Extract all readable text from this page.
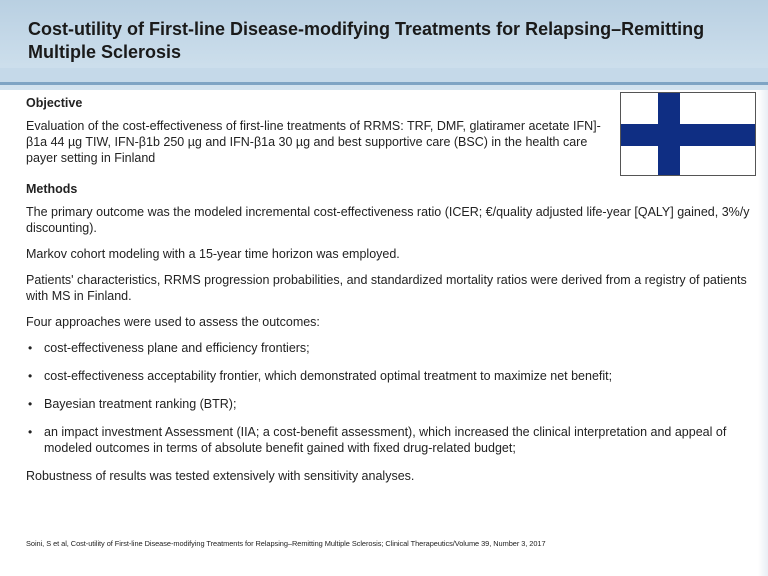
Cost-utility of First-line Disease-modifying Treatments for Relapsing–Remitting Multiple Sclerosis
Objective

Evaluation of the cost-effectiveness of first-line treatments of RRMS: TRF, DMF, glatiramer acetate IFN]-β1a 44 µg TIW, IFN-β1b 250 µg and IFN-β1a 30 µg and best supportive care (BSC) in the health care payer setting in Finland

Methods

The primary outcome was the modeled incremental cost-effectiveness ratio (ICER; €/quality adjusted life-year [QALY] gained, 3%/y discounting).

Markov cohort modeling with a 15-year time horizon was employed.

Patients' characteristics, RRMS progression probabilities, and standardized mortality ratios were derived from a registry of patients with MS in Finland.

Four approaches were used to assess the outcomes:

• cost-effectiveness plane and efficiency frontiers;
• cost-effectiveness acceptability frontier, which demonstrated optimal treatment to maximize net benefit;
• Bayesian treatment ranking (BTR);
• an impact investment Assessment (IIA; a cost-benefit assessment), which increased the clinical interpretation and appeal of modeled outcomes in terms of absolute benefit gained with fixed drug-related budget;

Robustness of results was tested extensively with sensitivity analyses.

Soini, S et al, Cost-utility of First-line Disease-modifying Treatments for Relapsing–Remitting Multiple Sclerosis; Clinical Therapeutics/Volume 39, Number 3, 2017
